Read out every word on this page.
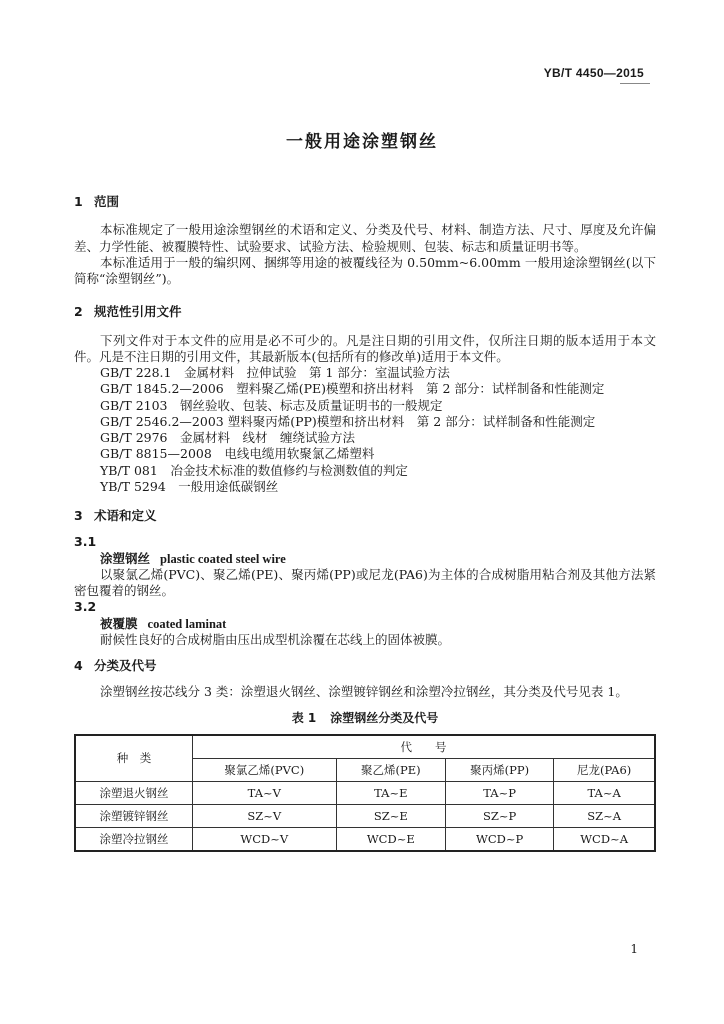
YB/T 4450—2015
一般用途涂塑钢丝
1 范围

本标准规定了一般用途涂塑钢丝的术语和定义、分类及代号、材料、制造方法、尺寸、厚度及允许偏差、力学性能、被覆膜特性、试验要求、试验方法、检验规则、包装、标志和质量证明书等。

本标准适用于一般的编织网、捆绑等用途的被覆线径为 0.50mm~6.00mm 一般用途涂塑钢丝(以下简称“涂塑钢丝”)。

2 规范性引用文件

下列文件对于本文件的应用是必不可少的。凡是注日期的引用文件，仅所注日期的版本适用于本文件。凡是不注日期的引用文件，其最新版本(包括所有的修改单)适用于本文件。

GB/T 228.1　金属材料　拉伸试验　第 1 部分：室温试验方法
GB/T 1845.2—2006　塑料聚乙烯(PE)模塑和挤出材料　第 2 部分：试样制备和性能测定
GB/T 2103　钢丝验收、包装、标志及质量证明书的一般规定
GB/T 2546.2—2003 塑料聚丙烯(PP)模塑和挤出材料　第 2 部分：试样制备和性能测定
GB/T 2976　金属材料　线材　缠绕试验方法
GB/T 8815—2008　电线电缆用软聚氯乙烯塑料
YB/T 081　冶金技术标准的数值修约与检测数值的判定
YB/T 5294　一般用途低碳钢丝
3 术语和定义
3.1
涂塑钢丝 plastic coated steel wire

以聚氯乙烯(PVC)、聚乙烯(PE)、聚丙烯(PP)或尼龙(PA6)为主体的合成树脂用粘合剂及其他方法紧密包覆着的钢丝。

3.2
被覆膜 coated laminat

耐候性良好的合成树脂由压出成型机涂覆在芯线上的固体被膜。

4 分类及代号

涂塑钢丝按芯线分 3 类：涂塑退火钢丝、涂塑镀锌钢丝和涂塑冷拉钢丝，其分类及代号见表 1。

表 1 涂塑钢丝分类及代号
种　类	代　　号			
	聚氯乙烯(PVC)	聚乙烯(PE)	聚丙烯(PP)	尼龙(PA6)
涂塑退火钢丝	TA~V	TA~E	TA~P	TA~A
涂塑镀锌钢丝	SZ~V	SZ~E	SZ~P	SZ~A
涂塑冷拉钢丝	WCD~V	WCD~E	WCD~P	WCD~A
1
